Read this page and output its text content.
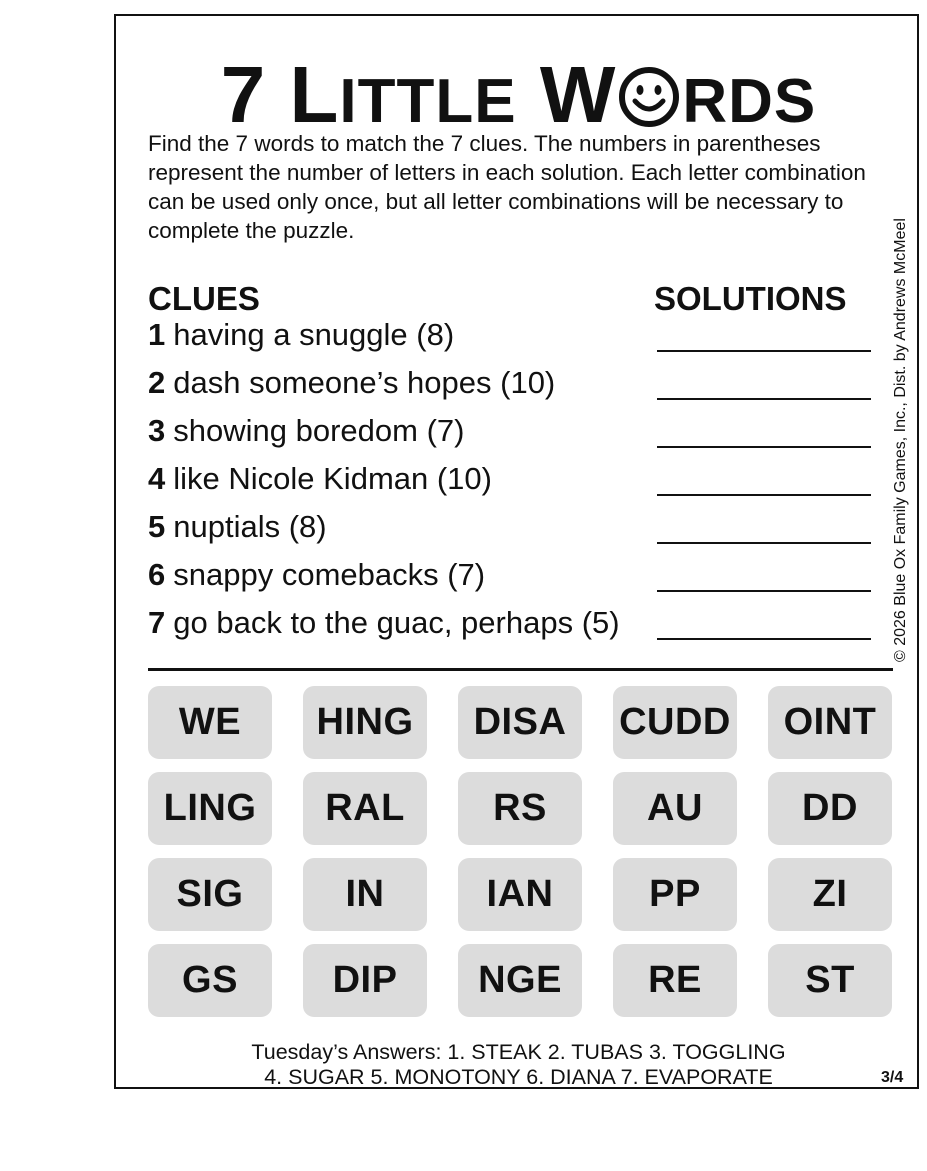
7 LITTLE W RDS
Find the 7 words to match the 7 clues. The numbers in parentheses represent the number of letters in each solution. Each letter combination can be used only once, but all letter combinations will be necessary to complete the puzzle.	© 2026 Blue Ox Family Games, Inc., Dist. by Andrews McMeel
CLUES	SOLUTIONS
1 having a snuggle (8)
2 dash someone’s hopes (10)
3 showing boredom (7)
4 like Nicole Kidman (10)
5 nuptials (8)
6 snappy comebacks (7)
7 go back to the guac, perhaps (5)
WE	HING	DISA	CUDD	OINT
LING	RAL	RS	AU	DD
SIG	IN	IAN	PP	ZI
GS	DIP	NGE	RE	ST
Tuesday’s Answers: 1. STEAK 2. TUBAS 3. TOGGLING
4. SUGAR 5. MONOTONY 6. DIANA 7. EVAPORATE	3/4
